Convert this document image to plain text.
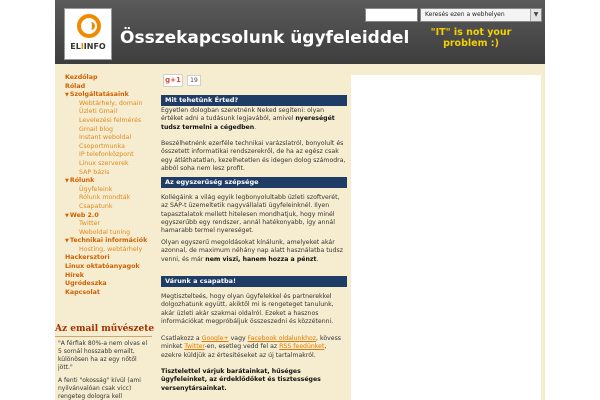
ELIINFO Összekapcsolunk ügyfeleiddel "IT" is not your
problem :)
Keresés ezen a webhelyen	▼
Kezdőlap
Rólad
▼Szolgáltatásaink
Webtárhely, domain
Üzleti Gmail
Levelezési felmérés
Gmail blog
Instant weboldal
Csoportmunka
IP telefonközpont
Linux szerverek
SAP bázis
▼Rólunk
Ügyfeleink
Rólunk mondták
Csapatunk
▼Web 2.0
Twitter
Weboldal tuning
▼Technikai információk
Hosting, webtárhely
Hackersztori
Linux oktatóanyagok
Hírek
Ugródeszka
Kapcsolat
Az email művészete
"A férfiak 80%-a nem olvas el 5 sornál hosszabb emailt, különösen ha az egy nőtől jött."
A fenti "okosság" kívül (ami nyilvánvalóan csak vicc) rengeteg dologra kell
g+1	19
Mit tehetünk Érted?
Egyetlen dologban szeretnénk Neked segíteni: olyan értéket adni a tudásunk legjavából, amivel nyereségét tudsz termelni a cégedben.
Beszélhetnénk ezerféle technikai varázslatról, bonyolult és összetett informatikai rendszerekről, de ha az egész csak egy átláthatatlan, kezelhetetlen és idegen dolog számodra, abból soha nem lesz profit.
Az egyszerűség szépsége
Kollégáink a világ egyik legbonyolultabb üzleti szoftverét, az SAP-t üzemeltetik nagyvállalati ügyfeleinknél. Ilyen tapasztalatok mellett hitelesen mondhatjuk, hogy minél egyszerűbb egy rendszer, annál hatékonyabb, így annál hamarabb termel nyereséget.
Olyan egyszerű megoldásokat kínálunk, amelyeket akár azonnal, de maximum néhány nap alatt használatba tudsz venni, és már nem viszi, hanem hozza a pénzt.
Várunk a csapatba!
Megtisztelteés, hogy olyan ügyfelekkel és partnerekkel dolgozhatunk együtt, akiktől mi is rengeteget tanulunk, akár üzleti akár szakmai oldalról. Ezeket a hasznos információkat megpróbáljuk összeszedni és közzétenni.
Csatlakozz a Google+ vagy Facebook oldalunkhoz, kövess minket Twitter-en, esetleg vedd fel az RSS feedünket, ezekre küldjük az értesítéseket az új tartalmakról.
Tisztelettel várjuk barátainkat, hűséges ügyfeleinket, az érdeklődőket és tisztességes versenytársainkat.
